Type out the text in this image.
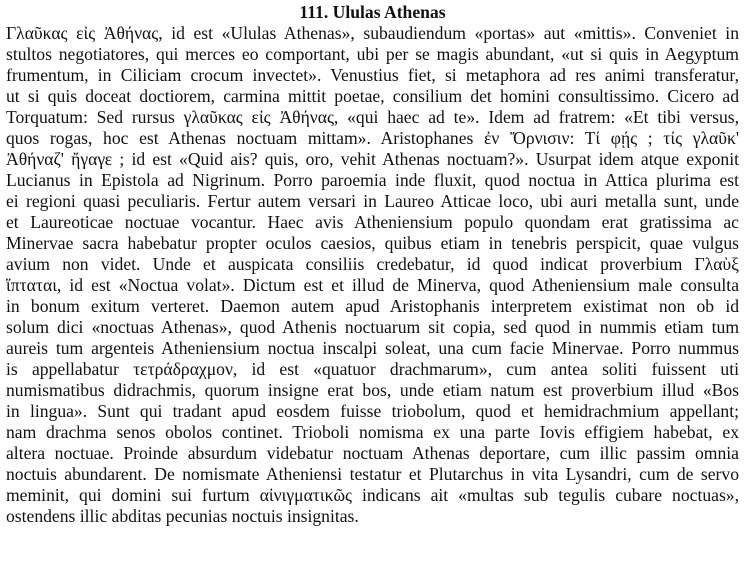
111. Ululas Athenas
Γλαῦκας εἰς Ἀθήνας, id est «Ululas Athenas», subaudiendum «portas» aut «mittis». Conveniet in
stultos negotiatores, qui merces eo comportant, ubi per se magis abundant, «ut si quis in Aegyptum
frumentum, in Ciliciam crocum invectet». Venustius fiet, si metaphora ad res animi transferatur,
ut si quis doceat doctiorem, carmina mittit poetae, consilium det homini consultissimo. Cicero ad
Torquatum: Sed rursus γλαῦκας εἰς Ἀθήνας, «qui haec ad te». Idem ad fratrem: «Et tibi versus,
quos rogas, hoc est Athenas noctuam mittam». Aristophanes ἐν Ὄρνισιν: Τί φῄς ; τίς γλαῦκ'
Ἀθήναζ' ἤγαγε ; id est «Quid ais? quis, oro, vehit Athenas noctuam?». Usurpat idem atque exponit
Lucianus in Epistola ad Nigrinum. Porro paroemia inde fluxit, quod noctua in Attica plurima est
ei regioni quasi peculiaris. Fertur autem versari in Laureo Atticae loco, ubi auri metalla sunt, unde
et Laureoticae noctuae vocantur. Haec avis Atheniensium populo quondam erat gratissima ac
Minervae sacra habebatur propter oculos caesios, quibus etiam in tenebris perspicit, quae vulgus
avium non videt. Unde et auspicata consiliis credebatur, id quod indicat proverbium Γλαὺξ
ἵπταται, id est «Noctua volat». Dictum est et illud de Minerva, quod Atheniensium male consulta
in bonum exitum verteret. Daemon autem apud Aristophanis interpretem existimat non ob id
solum dici «noctuas Athenas», quod Athenis noctuarum sit copia, sed quod in nummis etiam tum
aureis tum argenteis Atheniensium noctua inscalpi soleat, una cum facie Minervae. Porro nummus
is appellabatur τετράδραχμον, id est «quatuor drachmarum», cum antea soliti fuissent uti
numismatibus didrachmis, quorum insigne erat bos, unde etiam natum est proverbium illud «Bos
in lingua». Sunt qui tradant apud eosdem fuisse triobolum, quod et hemidrachmium appellant;
nam drachma senos obolos continet. Trioboli nomisma ex una parte Iovis effigiem habebat, ex
altera noctuae. Proinde absurdum videbatur noctuam Athenas deportare, cum illic passim omnia
noctuis abundarent. De nomismate Atheniensi testatur et Plutarchus in vita Lysandri, cum de servo
meminit, qui domini sui furtum αἰνιγματικῶς indicans ait «multas sub tegulis cubare noctuas»,
ostendens illic abditas pecunias noctuis insignitas.
